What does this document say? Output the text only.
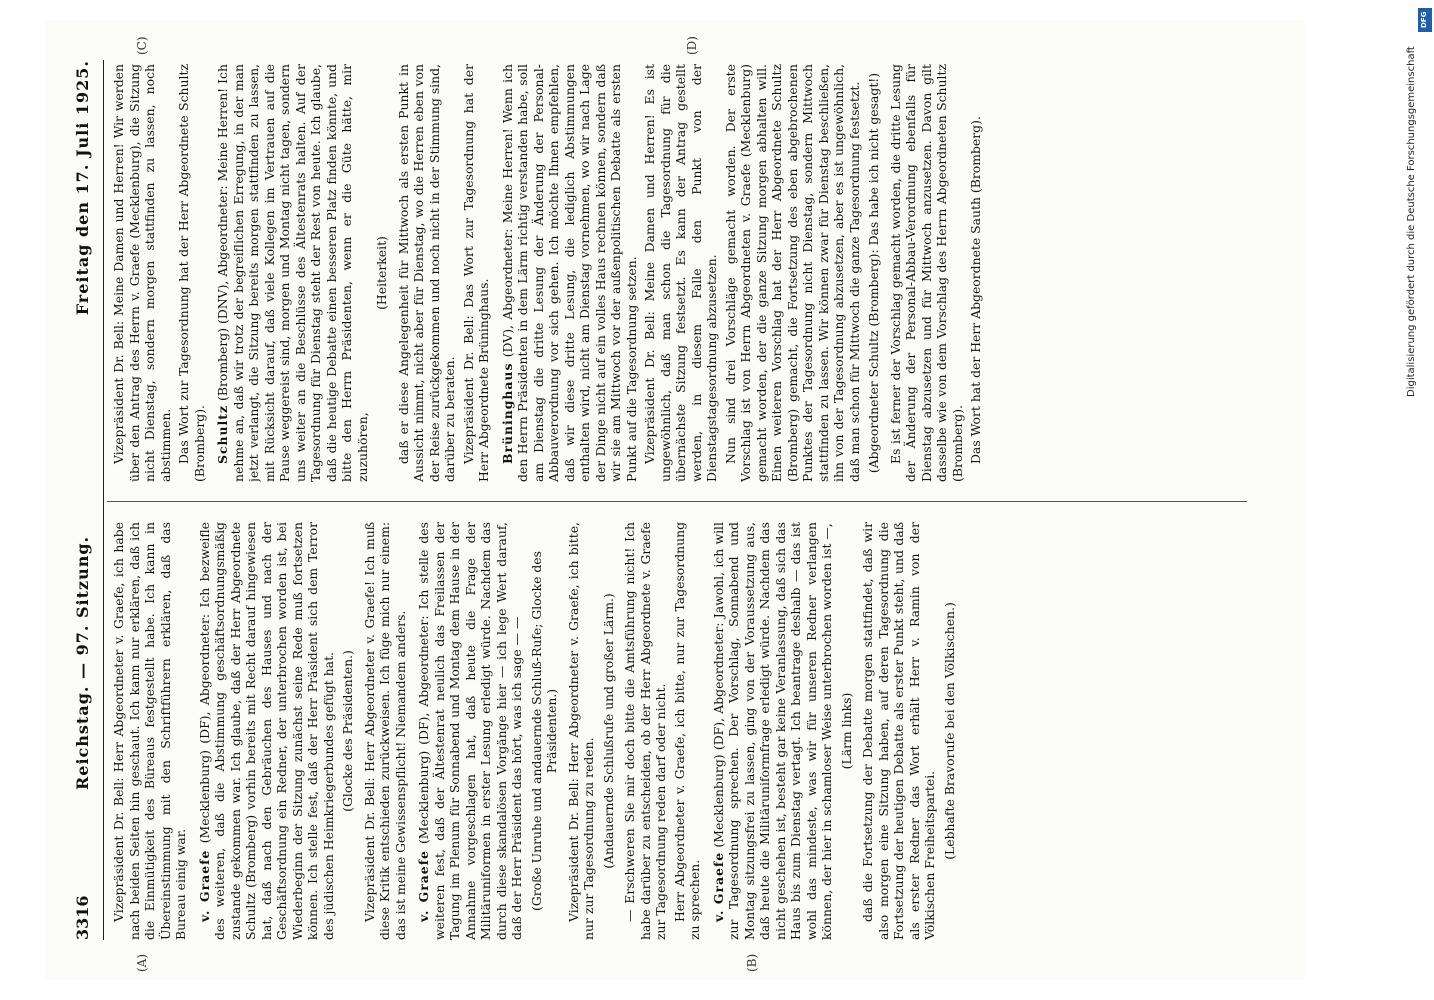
3316
Reichstag. — 97. Sitzung.
Freitag den 17. Juli 1925.

Vizepräsident Dr. Bell: Herr Abgeordneter v. Graefe, ich habe nach beiden Seiten hin geschaut. Ich kann nur erklären, daß ich die Einmütigkeit des Büreaus festgestellt habe. Ich kann in Übereinstimmung mit den Schriftführern erklären, daß das Bureau einig war. v. Graefe (Mecklenburg) (DF), Abgeordneter: Ich bezweifle des weiteren, daß die Abstimmung geschäftsordnungsmäßig zustande gekommen war. Ich glaube, daß der Herr Abgeordnete Schultz (Bromberg) vorhin bereits mit Recht darauf hingewiesen hat, daß nach den Gebräuchen des Hauses und nach der Geschäftsordnung ein Redner, der unterbrochen worden ist, bei Wiederbeginn der Sitzung zunächst seine Rede muß fortsetzen können. Ich stelle fest, daß der Herr Präsident sich dem Terror des jüdischen Heimkriegerbundes gefügt hat. (Glocke des Präsidenten.) Vizepräsident Dr. Bell: Herr Abgeordneter v. Graefe! Ich muß diese Kritik entschieden zurückweisen. Ich füge mich nur einem: das ist meine Gewissenspflicht! Niemandem anders. v. Graefe (Mecklenburg) (DF), Abgeordneter: Ich stelle des weiteren fest, daß der Ältestenrat neulich das Freilassen der Tagung im Plenum für Sonnabend und Montag dem Hause in der Annahme vorgeschlagen hat, daß heute die Frage der Militäruniformen in erster Lesung erledigt würde. Nachdem das durch diese skandalösen Vorgänge hier — ich lege Wert darauf, daß der Herr Präsident das hört, was ich sage — — (Große Unruhe und andauernde Schluß-Rufe; Glocke des Präsidenten.) Vizepräsident Dr. Bell: Herr Abgeordneter v. Graefe, ich bitte, nur zur Tagesordnung zu reden. (Andauernde Schlußrufe und großer Lärm.) — Erschweren Sie mir doch bitte die Amtsführung nicht! Ich habe darüber zu entscheiden, ob der Herr Abgeordnete v. Graefe zur Tagesordnung reden darf oder nicht. Herr Abgeordneter v. Graefe, ich bitte, nur zur Tagesordnung zu sprechen. v. Graefe (Mecklenburg) (DF), Abgeordneter: Jawohl, ich will zur Tagesordnung sprechen. Der Vorschlag, Sonnabend und Montag sitzungsfrei zu lassen, ging von der Voraussetzung aus, daß heute die Militäruniformfrage erledigt würde. Nachdem das nicht geschehen ist, besteht gar keine Veranlassung, daß sich das Haus bis zum Dienstag vertagt. Ich beantrage deshalb — das ist wohl das mindeste, was wir für unseren Redner verlangen können, der hier in schamloser Weise unterbrochen worden ist —, (Lärm links) daß die Fortsetzung der Debatte morgen stattfindet, daß wir also morgen eine Sitzung haben, auf deren Tagesordnung die Fortsetzung der heutigen Debatte als erster Punkt steht, und daß als erster Redner das Wort erhält Herr v. Ramin von der Völkischen Freiheitspartei. (Lebhafte Bravorufe bei den Völkischen.)

Vizepräsident Dr. Bell: Meine Damen und Herren! Wir werden über den Antrag des Herrn v. Graefe (Mecklenburg), die Sitzung nicht Dienstag, sondern morgen stattfinden zu lassen, noch abstimmen. Das Wort zur Tagesordnung hat der Herr Abgeordnete Schultz (Bromberg). Schultz (Bromberg) (DNV), Abgeordneter: Meine Herren! Ich nehme an, daß wir trotz der begreiflichen Erregung, in der man jetzt verlangt, die Sitzung bereits morgen stattfinden zu lassen, mit Rücksicht darauf, daß viele Kollegen im Vertrauen auf die Pause weggereist sind, morgen und Montag nicht tagen, sondern uns weiter an die Beschlüsse des Ältestenrats halten. Auf der Tagesordnung für Dienstag steht der Rest von heute. Ich glaube, daß die heutige Debatte einen besseren Platz finden könnte, und bitte den Herrn Präsidenten, wenn er die Güte hätte, mir zuzuhören,

(Heiterkeit) daß er diese Angelegenheit für Mittwoch als ersten Punkt in Aussicht nimmt, nicht aber für Dienstag, wo die Herren eben von der Reise zurückgekommen und noch nicht in der Stimmung sind, darüber zu beraten. Vizepräsident Dr. Bell: Das Wort zur Tagesordnung hat der Herr Abgeordnete Brüninghaus. Brüninghaus (DV), Abgeordneter: Meine Herren! Wenn ich den Herrn Präsidenten in dem Lärm richtig verstanden habe, soll am Dienstag die dritte Lesung der Änderung der Personal-Abbauverordnung vor sich gehen. Ich möchte Ihnen empfehlen, daß wir diese dritte Lesung, die lediglich Abstimmungen enthalten wird, nicht am Dienstag vornehmen, wo wir nach Lage der Dinge nicht auf ein volles Haus rechnen können, sondern daß wir sie am Mittwoch vor der außenpolitischen Debatte als ersten Punkt auf die Tagesordnung setzen. Vizepräsident Dr. Bell: Meine Damen und Herren! Es ist ungewöhnlich, daß man schon die Tagesordnung für die übernächste Sitzung festsetzt. Es kann der Antrag gestellt werden, in diesem Falle den Punkt von der Dienstagstagesordnung abzusetzen. Nun sind drei Vorschläge gemacht worden. Der erste Vorschlag ist von Herrn Abgeordneten v. Graefe (Mecklenburg) gemacht worden, der die ganze Sitzung morgen abhalten will. Einen weiteren Vorschlag hat der Herr Abgeordnete Schultz (Bromberg) gemacht, die Fortsetzung des eben abgebrochenen Punktes der Tagesordnung nicht Dienstag, sondern Mittwoch stattfinden zu lassen. Wir können zwar für Dienstag beschließen, ihn von der Tagesordnung abzusetzen, aber es ist ungewöhnlich, daß man schon für Mittwoch die ganze Tagesordnung festsetzt. (Abgeordneter Schultz (Bromberg): Das habe ich nicht gesagt!) Es ist ferner der Vorschlag gemacht worden, die dritte Lesung der Änderung der Personal-Abbau-Verordnung ebenfalls für Dienstag abzusetzen und für Mittwoch anzusetzen. Davon gilt dasselbe wie von dem Vorschlag des Herrn Abgeordneten Schultz (Bromberg). Das Wort hat der Herr Abgeordnete Sauth (Bromberg).

(A)	(B)
(C)	(D)
Digitalisierung gefördert durch die Deutsche Forschungsgemeinschaft
DFG
